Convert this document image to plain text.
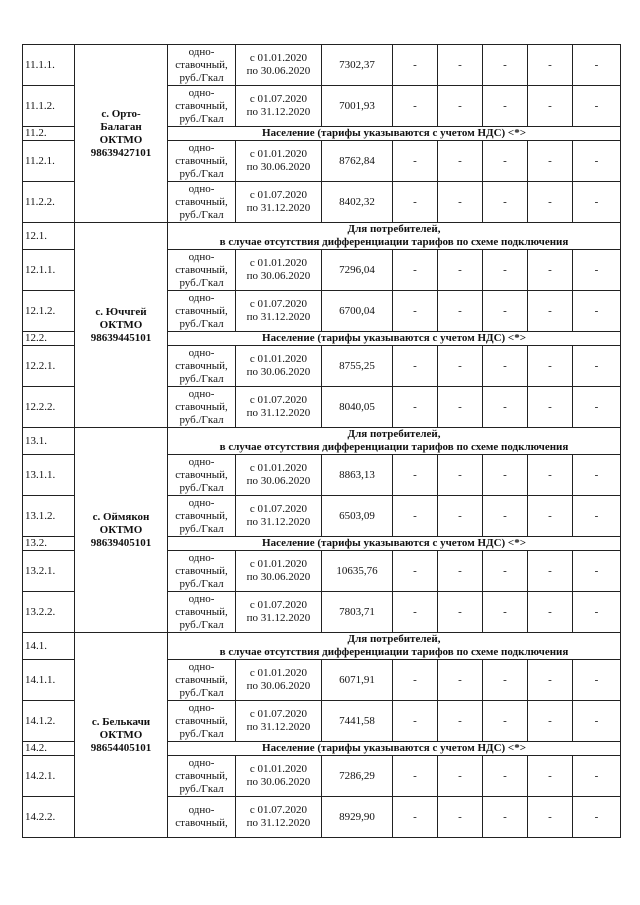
11.1.1.	с. Орто-
Балаган
ОКТМО
98639427101	одно-
ставочный,
руб./Гкал	с 01.01.2020
по 30.06.2020	7302,37	-	-	-	-	-
11.1.2.		одно-
ставочный,
руб./Гкал	с 01.07.2020
по 31.12.2020	7001,93	-	-	-	-	-
11.2.		Население (тарифы указываются с учетом НДС) <*>							
11.2.1.		одно-
ставочный,
руб./Гкал	с 01.01.2020
по 30.06.2020	8762,84	-	-	-	-	-
11.2.2.		одно-
ставочный,
руб./Гкал	с 01.07.2020
по 31.12.2020	8402,32	-	-	-	-	-
12.1.	с. Юччгей
ОКТМО
98639445101	Для потребителей,
в случае отсутствия дифференциации тарифов по схеме подключения							
12.1.1.		одно-
ставочный,
руб./Гкал	с 01.01.2020
по 30.06.2020	7296,04	-	-	-	-	-
12.1.2.		одно-
ставочный,
руб./Гкал	с 01.07.2020
по 31.12.2020	6700,04	-	-	-	-	-
12.2.		Население (тарифы указываются с учетом НДС) <*>							
12.2.1.		одно-
ставочный,
руб./Гкал	с 01.01.2020
по 30.06.2020	8755,25	-	-	-	-	-
12.2.2.		одно-
ставочный,
руб./Гкал	с 01.07.2020
по 31.12.2020	8040,05	-	-	-	-	-
13.1.	с. Оймякон
ОКТМО
98639405101	Для потребителей,
в случае отсутствия дифференциации тарифов по схеме подключения							
13.1.1.		одно-
ставочный,
руб./Гкал	с 01.01.2020
по 30.06.2020	8863,13	-	-	-	-	-
13.1.2.		одно-
ставочный,
руб./Гкал	с 01.07.2020
по 31.12.2020	6503,09	-	-	-	-	-
13.2.		Население (тарифы указываются с учетом НДС) <*>							
13.2.1.		одно-
ставочный,
руб./Гкал	с 01.01.2020
по 30.06.2020	10635,76	-	-	-	-	-
13.2.2.		одно-
ставочный,
руб./Гкал	с 01.07.2020
по 31.12.2020	7803,71	-	-	-	-	-
14.1.	с. Белькачи
ОКТМО
98654405101	Для потребителей,
в случае отсутствия дифференциации тарифов по схеме подключения							
14.1.1.		одно-
ставочный,
руб./Гкал	с 01.01.2020
по 30.06.2020	6071,91	-	-	-	-	-
14.1.2.		одно-
ставочный,
руб./Гкал	с 01.07.2020
по 31.12.2020	7441,58	-	-	-	-	-
14.2.		Население (тарифы указываются с учетом НДС) <*>							
14.2.1.		одно-
ставочный,
руб./Гкал	с 01.01.2020
по 30.06.2020	7286,29	-	-	-	-	-
14.2.2.		одно-
ставочный,	с 01.07.2020
по 31.12.2020	8929,90	-	-	-	-	-
